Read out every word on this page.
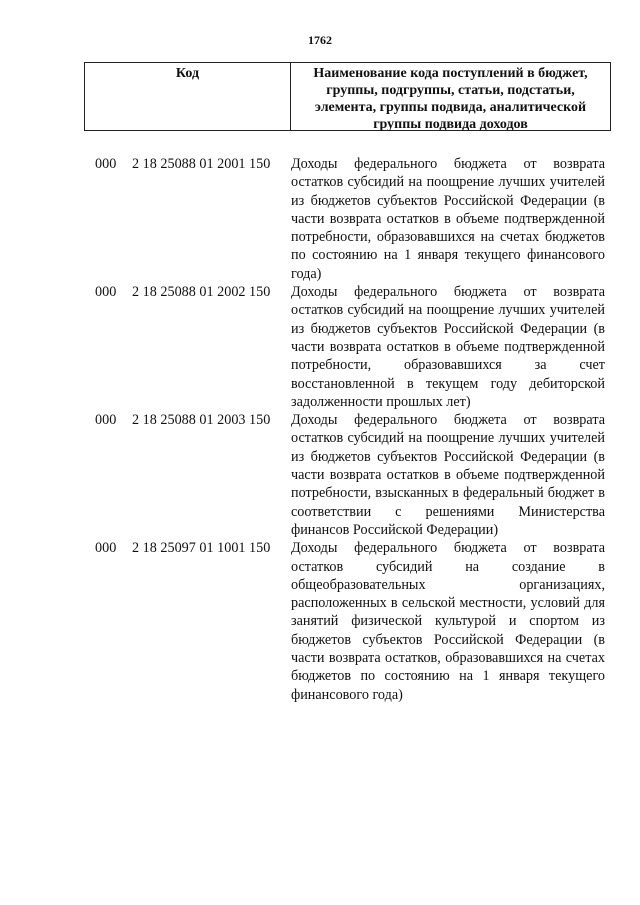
1762
Код	Наименование кода поступлений в бюджет, группы, подгруппы, статьи, подстатьи, элемента, группы подвида, аналитической группы подвида доходов
000 2 18 25088 01 2001 150 Доходы федерального бюджета от возврата остатков субсидий на поощрение лучших учителей из бюджетов субъектов Российской Федерации (в части возврата остатков в объеме подтвержденной потребности, образовавшихся на счетах бюджетов по состоянию на 1 января текущего финансового года)
000 2 18 25088 01 2002 150 Доходы федерального бюджета от возврата остатков субсидий на поощрение лучших учителей из бюджетов субъектов Российской Федерации (в части возврата остатков в объеме подтвержденной потребности, образовавшихся за счет восстановленной в текущем году дебиторской задолженности прошлых лет)
000 2 18 25088 01 2003 150 Доходы федерального бюджета от возврата остатков субсидий на поощрение лучших учителей из бюджетов субъектов Российской Федерации (в части возврата остатков в объеме подтвержденной потребности, взысканных в федеральный бюджет в соответствии с решениями Министерства финансов Российской Федерации)
000 2 18 25097 01 1001 150 Доходы федерального бюджета от возврата остатков субсидий на создание в общеобразовательных организациях, расположенных в сельской местности, условий для занятий физической культурой и спортом из бюджетов субъектов Российской Федерации (в части возврата остатков, образовавшихся на счетах бюджетов по состоянию на 1 января текущего финансового года)
